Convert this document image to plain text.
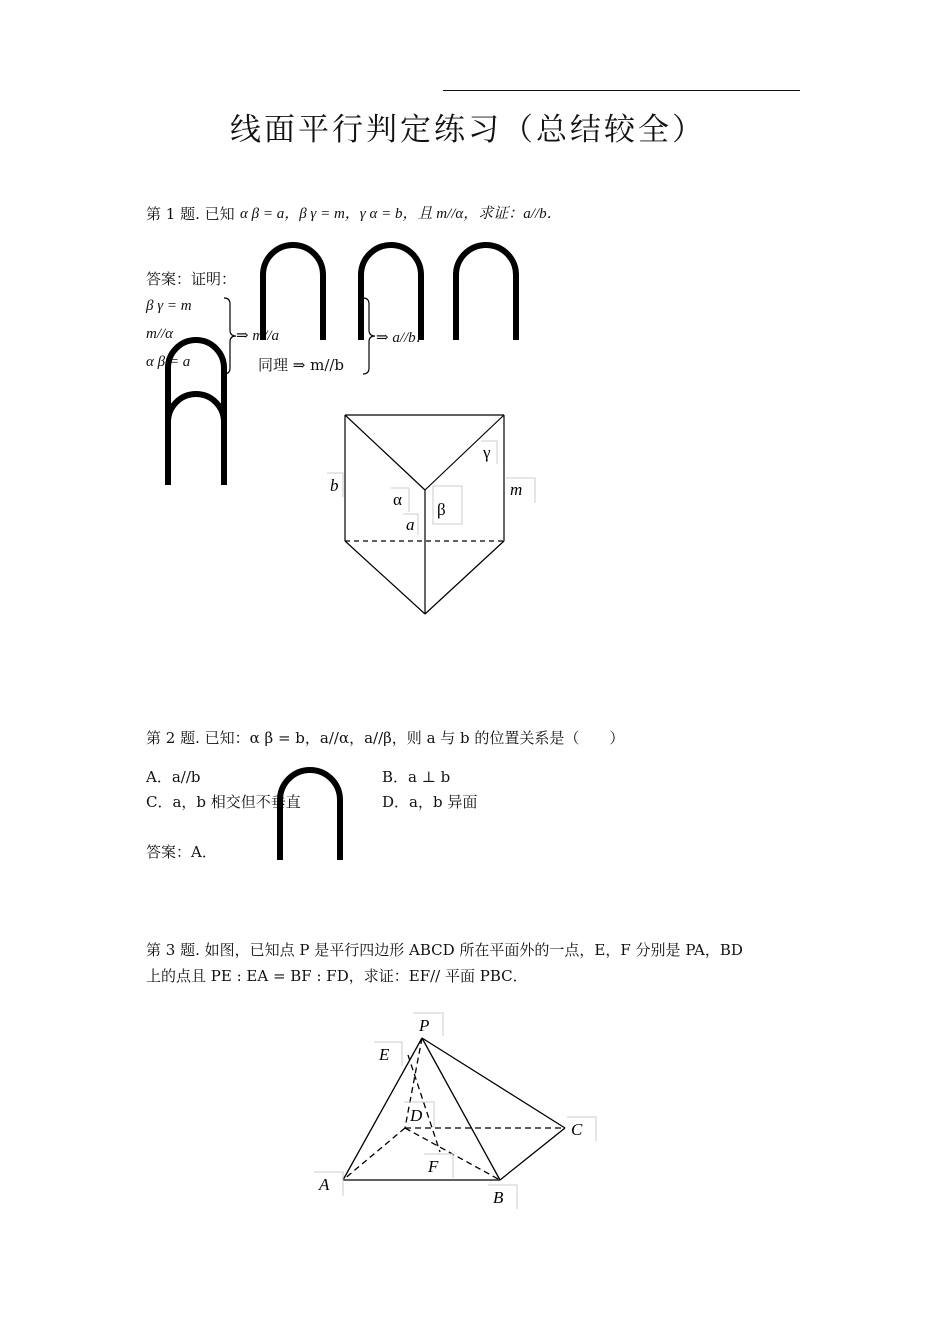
线面平行判定练习（总结较全）
第 1 题. 已知 α β = a，β γ = m，γ α = b，且 m//α，求证：a//b．
答案：证明：
β γ = m
m//α
α β = a
⇒ m//a
同理 ⇒ m//b
⇒ a//b．
第 2 题. 已知：α β = b，a//α，a//β，则 a 与 b 的位置关系是（　　）
A．a//b	B．a ⊥ b
C．a，b 相交但不垂直	D．a，b 异面
答案：A．
第 3 题. 如图，已知点 P 是平行四边形 ABCD 所在平面外的一点，E，F 分别是 PA，BD
上的点且 PE : EA = BF : FD，求证：EF// 平面 PBC．
γ
b	m
α
β
a
P
E
D
C
F
A
B
